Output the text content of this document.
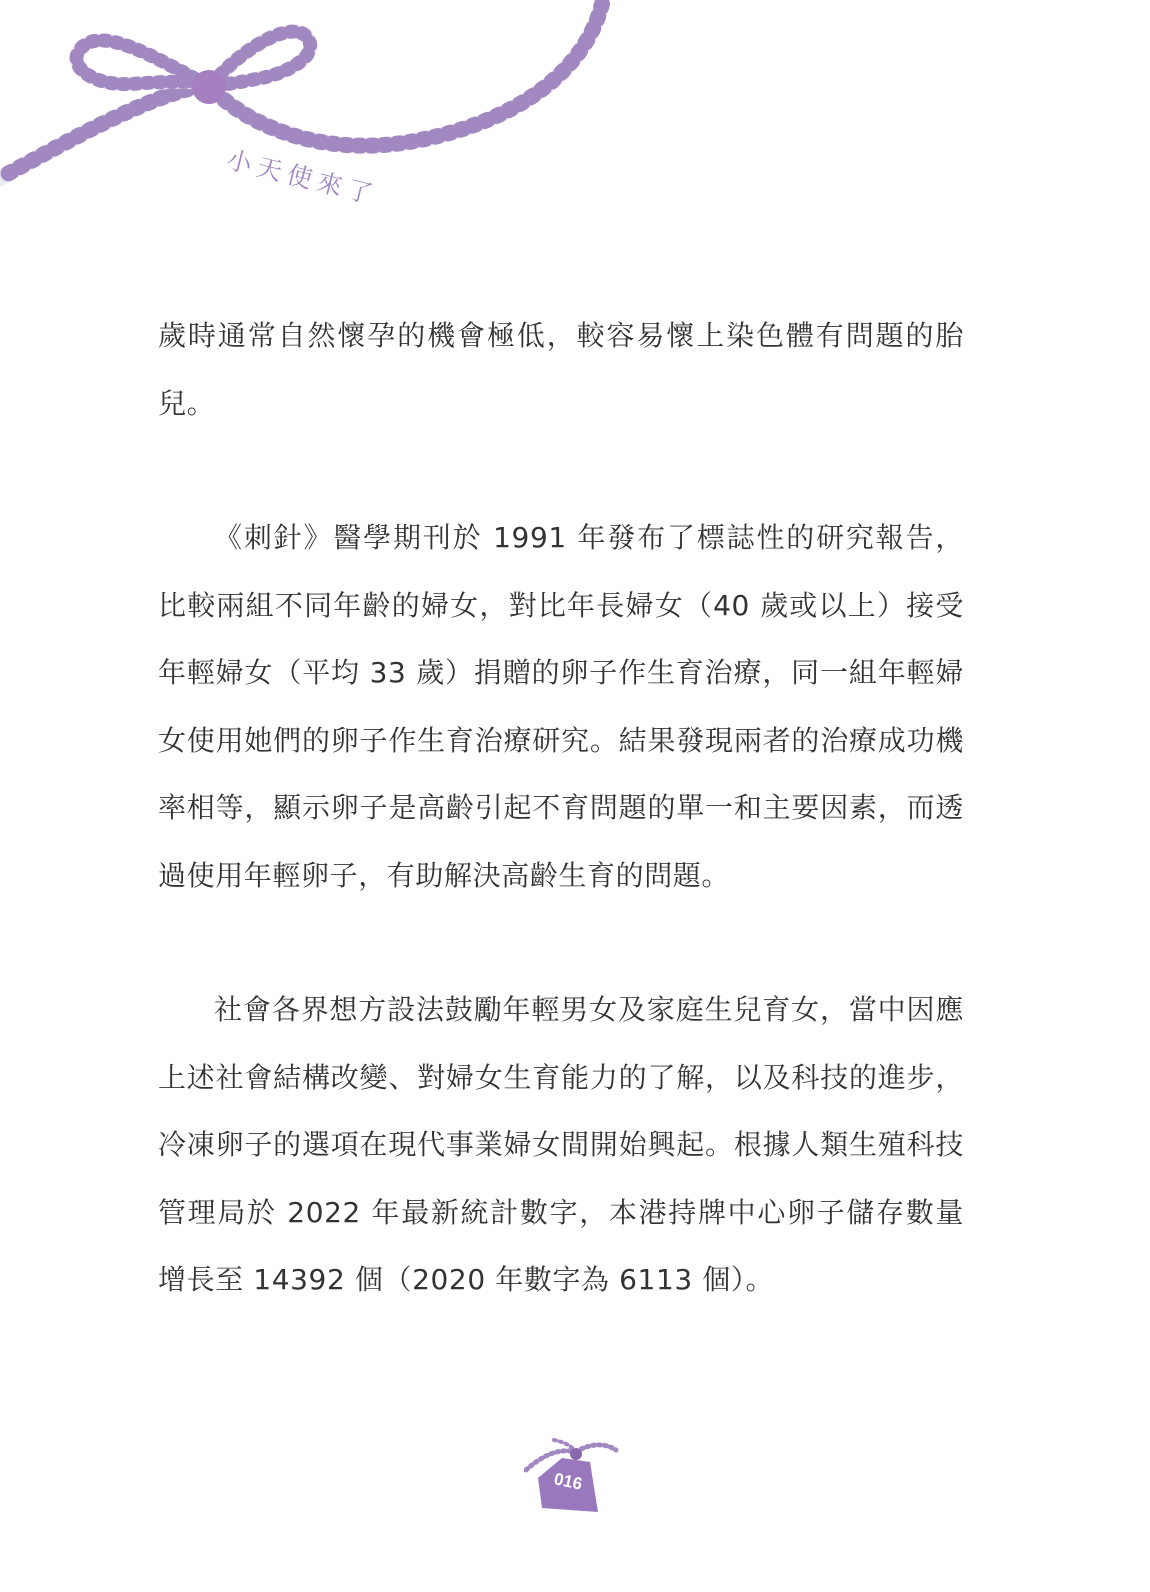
小天使來了

歲時通常自然懷孕的機會極低，較容易懷上染色體有問題的胎兒。

《刺針》醫學期刊於 1991 年發布了標誌性的研究報告，比較兩組不同年齡的婦女，對比年長婦女（40 歲或以上）接受年輕婦女（平均 33 歲）捐贈的卵子作生育治療，同一組年輕婦女使用她們的卵子作生育治療研究。結果發現兩者的治療成功機率相等，顯示卵子是高齡引起不育問題的單一和主要因素，而透過使用年輕卵子，有助解決高齡生育的問題。

社會各界想方設法鼓勵年輕男女及家庭生兒育女，當中因應上述社會結構改變、對婦女生育能力的了解，以及科技的進步，冷凍卵子的選項在現代事業婦女間開始興起。根據人類生殖科技管理局於 2022 年最新統計數字，本港持牌中心卵子儲存數量增長至 14392 個（2020 年數字為 6113 個）。

016
